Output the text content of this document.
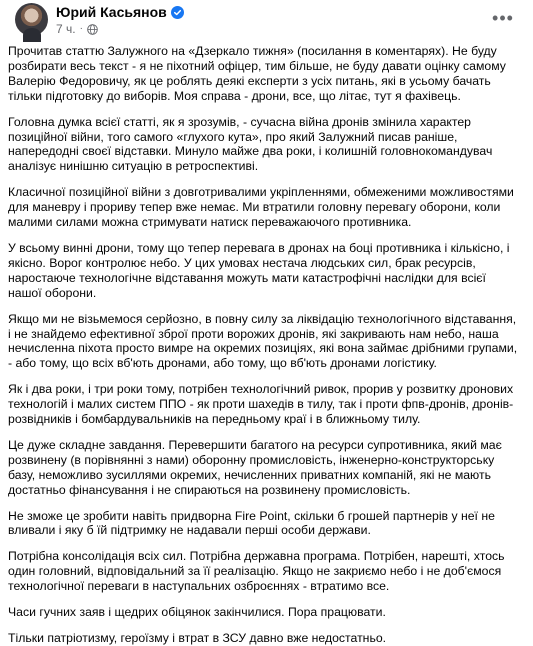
Юрий Касьянов
7 ч. ·
•••

Прочитав статтю Залужного на «Дзеркало тижня» (посилання в коментарях). Не буду розбирати весь текст - я не піхотний офіцер, тим більше, не буду давати оцінку самому Валерію Федоровичу, як це роблять деякі експерти з усіх питань, які в усьому бачать тільки підготовку до виборів. Моя справа - дрони, все, що літає, тут я фахівець.

Головна думка всієї статті, як я зрозумів, - сучасна війна дронів змінила характер позиційної війни, того самого «глухого кута», про який Залужний писав раніше, напередодні своєї відставки. Минуло майже два роки, і колишній головнокомандувач аналізує нинішню ситуацію в ретроспективі.

Класичної позиційної війни з довготривалими укріпленнями, обмеженими можливостями для маневру і прориву тепер вже немає. Ми втратили головну перевагу оборони, коли малими силами можна стримувати натиск переважаючого противника.

У всьому винні дрони, тому що тепер перевага в дронах на боці противника і кількісно, і якісно. Ворог контролює небо. У цих умовах нестача людських сил, брак ресурсів, наростаюче технологічне відставання можуть мати катастрофічні наслідки для всієї нашої оборони.

Якщо ми не візьмемося серйозно, в повну силу за ліквідацію технологічного відставання, і не знайдемо ефективної зброї проти ворожих дронів, які закривають нам небо, наша нечисленна піхота просто вимре на окремих позиціях, які вона займає дрібними групами, - або тому, що всіх вб'ють дронами, або тому, що вб'ють дронами логістику.

Як і два роки, і три роки тому, потрібен технологічний ривок, прорив у розвитку дронових технологій і малих систем ППО - як проти шахедів в тилу, так і проти фпв-дронів, дронів-розвідників і бомбардувальників на передньому краї і в ближньому тилу.

Це дуже складне завдання. Перевершити багатого на ресурси супротивника, який має розвинену (в порівнянні з нами) оборонну промисловість, інженерно-конструкторську базу, неможливо зусиллями окремих, нечисленних приватних компаній, які не мають достатньо фінансування і не спираються на розвинену промисловість.

Не зможе це зробити навіть придворна Fire Point, скільки б грошей партнерів у неї не вливали і яку б їй підтримку не надавали перші особи держави.

Потрібна консолідація всіх сил. Потрібна державна програма. Потрібен, нарешті, хтось один головний, відповідальний за її реалізацію. Якщо не закриємо небо і не доб'ємося технологічної переваги в наступальних озброєннях - втратимо все.

Часи гучних заяв і щедрих обіцянок закінчилися. Пора працювати.

Тільки патріотизму, героїзму і втрат в ЗСУ давно вже недостатньо.
